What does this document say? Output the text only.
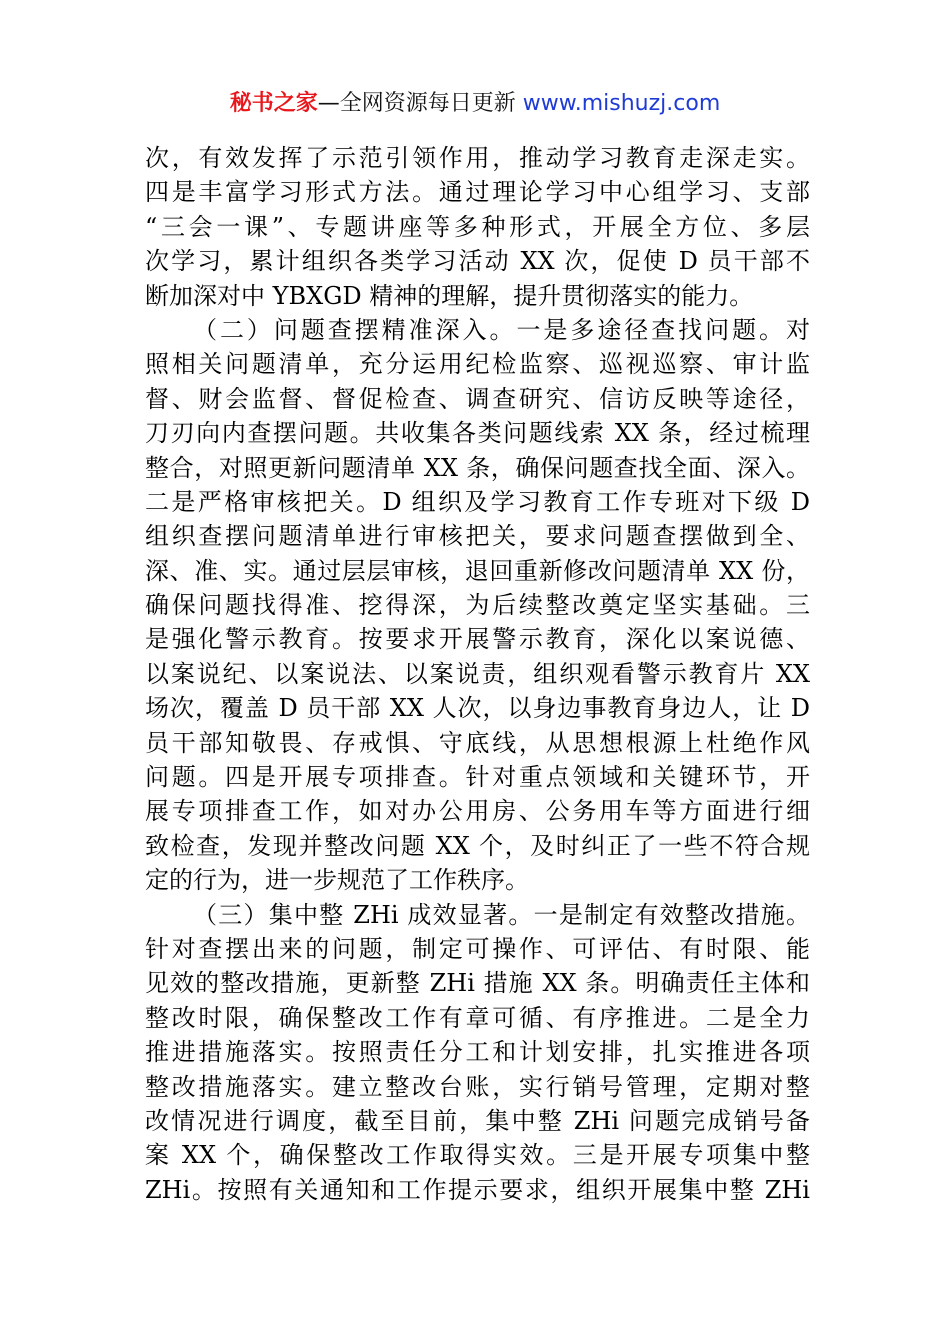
秘书之家—全网资源每日更新 www.mishuzj.com
次，有效发挥了示范引领作用，推动学习教育走深走实。
四是丰富学习形式方法。通过理论学习中心组学习、支部
“三会一课”、专题讲座等多种形式，开展全方位、多层
次学习，累计组织各类学习活动 XX 次，促使 D 员干部不
断加深对中 YBXGD 精神的理解，提升贯彻落实的能力。
（二）问题查摆精准深入。一是多途径查找问题。对
照相关问题清单，充分运用纪检监察、巡视巡察、审计监
督、财会监督、督促检查、调查研究、信访反映等途径，
刀刃向内查摆问题。共收集各类问题线索 XX 条，经过梳理
整合，对照更新问题清单 XX 条，确保问题查找全面、深入。
二是严格审核把关。D 组织及学习教育工作专班对下级 D
组织查摆问题清单进行审核把关，要求问题查摆做到全、
深、准、实。通过层层审核，退回重新修改问题清单 XX 份，
确保问题找得准、挖得深，为后续整改奠定坚实基础。三
是强化警示教育。按要求开展警示教育，深化以案说德、
以案说纪、以案说法、以案说责，组织观看警示教育片 XX
场次，覆盖 D 员干部 XX 人次，以身边事教育身边人，让 D
员干部知敬畏、存戒惧、守底线，从思想根源上杜绝作风
问题。四是开展专项排查。针对重点领域和关键环节，开
展专项排查工作，如对办公用房、公务用车等方面进行细
致检查，发现并整改问题 XX 个，及时纠正了一些不符合规
定的行为，进一步规范了工作秩序。
（三）集中整 ZHi 成效显著。一是制定有效整改措施。
针对查摆出来的问题，制定可操作、可评估、有时限、能
见效的整改措施，更新整 ZHi 措施 XX 条。明确责任主体和
整改时限，确保整改工作有章可循、有序推进。二是全力
推进措施落实。按照责任分工和计划安排，扎实推进各项
整改措施落实。建立整改台账，实行销号管理，定期对整
改情况进行调度，截至目前，集中整 ZHi 问题完成销号备
案 XX 个，确保整改工作取得实效。三是开展专项集中整
ZHi。按照有关通知和工作提示要求，组织开展集中整 ZHi
